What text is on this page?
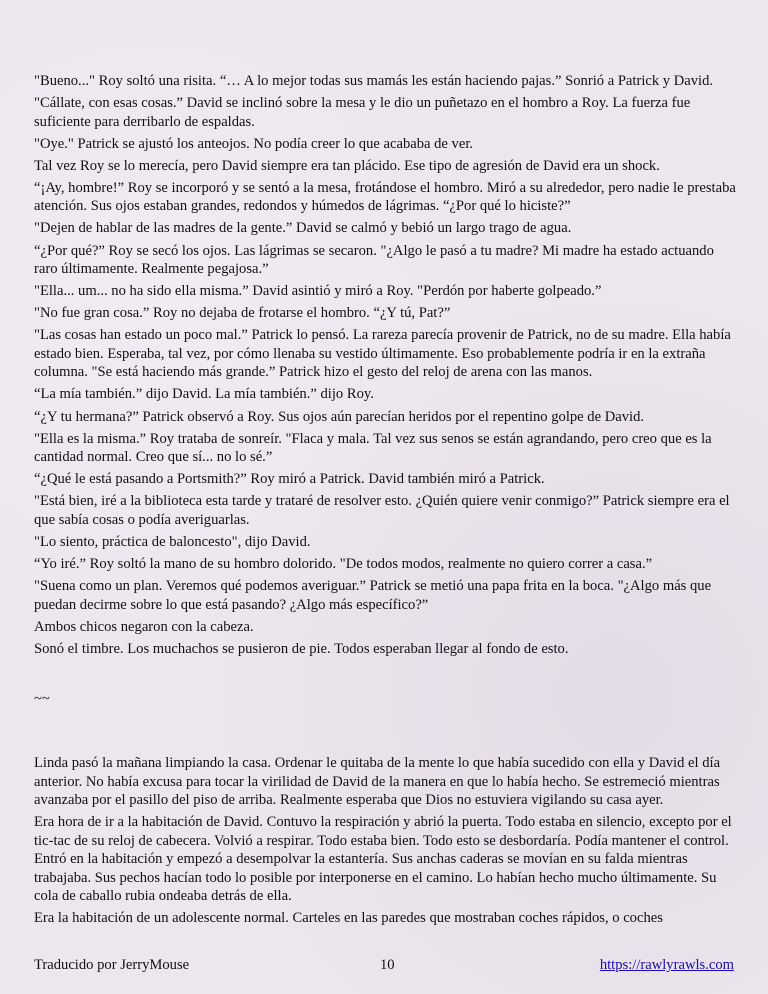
"Bueno..." Roy soltó una risita. “… A lo mejor todas sus mamás les están haciendo pajas.” Sonrió a Patrick y David.

"Cállate, con esas cosas.” David se inclinó sobre la mesa y le dio un puñetazo en el hombro a Roy. La fuerza fue suficiente para derribarlo de espaldas.

"Oye." Patrick se ajustó los anteojos. No podía creer lo que acababa de ver.

Tal vez Roy se lo merecía, pero David siempre era tan plácido. Ese tipo de agresión de David era un shock.

“¡Ay, hombre!” Roy se incorporó y se sentó a la mesa, frotándose el hombro. Miró a su alrededor, pero nadie le prestaba atención. Sus ojos estaban grandes, redondos y húmedos de lágrimas. “¿Por qué lo hiciste?”

"Dejen de hablar de las madres de la gente.” David se calmó y bebió un largo trago de agua.

“¿Por qué?” Roy se secó los ojos. Las lágrimas se secaron. "¿Algo le pasó a tu madre? Mi madre ha estado actuando raro últimamente. Realmente pegajosa.”

"Ella... um... no ha sido ella misma.” David asintió y miró a Roy. "Perdón por haberte golpeado.”

"No fue gran cosa.” Roy no dejaba de frotarse el hombro. “¿Y tú, Pat?”

"Las cosas han estado un poco mal.” Patrick lo pensó. La rareza parecía provenir de Patrick, no de su madre. Ella había estado bien. Esperaba, tal vez, por cómo llenaba su vestido últimamente. Eso probablemente podría ir en la extraña columna. "Se está haciendo más grande.” Patrick hizo el gesto del reloj de arena con las manos.

“La mía también.” dijo David. La mía también.” dijo Roy.

“¿Y tu hermana?” Patrick observó a Roy. Sus ojos aún parecían heridos por el repentino golpe de David.

"Ella es la misma.” Roy trataba de sonreír. "Flaca y mala. Tal vez sus senos se están agrandando, pero creo que es la cantidad normal. Creo que sí... no lo sé.”

“¿Qué le está pasando a Portsmith?” Roy miró a Patrick. David también miró a Patrick.

"Está bien, iré a la biblioteca esta tarde y trataré de resolver esto. ¿Quién quiere venir conmigo?” Patrick siempre era el que sabía cosas o podía averiguarlas.

"Lo siento, práctica de baloncesto", dijo David.

“Yo iré.” Roy soltó la mano de su hombro dolorido. "De todos modos, realmente no quiero correr a casa.”

"Suena como un plan. Veremos qué podemos averiguar.” Patrick se metió una papa frita en la boca. "¿Algo más que puedan decirme sobre lo que está pasando? ¿Algo más específico?”

Ambos chicos negaron con la cabeza.

Sonó el timbre. Los muchachos se pusieron de pie. Todos esperaban llegar al fondo de esto.

~~

Linda pasó la mañana limpiando la casa. Ordenar le quitaba de la mente lo que había sucedido con ella y David el día anterior. No había excusa para tocar la virilidad de David de la manera en que lo había hecho. Se estremeció mientras avanzaba por el pasillo del piso de arriba. Realmente esperaba que Dios no estuviera vigilando su casa ayer.

Era hora de ir a la habitación de David. Contuvo la respiración y abrió la puerta. Todo estaba en silencio, excepto por el tic-tac de su reloj de cabecera. Volvió a respirar. Todo estaba bien. Todo esto se desbordaría. Podía mantener el control. Entró en la habitación y empezó a desempolvar la estantería. Sus anchas caderas se movían en su falda mientras trabajaba. Sus pechos hacían todo lo posible por interponerse en el camino. Lo habían hecho mucho últimamente. Su cola de caballo rubia ondeaba detrás de ella.

Era la habitación de un adolescente normal. Carteles en las paredes que mostraban coches rápidos, o coches

Traducido por JerryMouse	10	https://rawlyrawls.com
